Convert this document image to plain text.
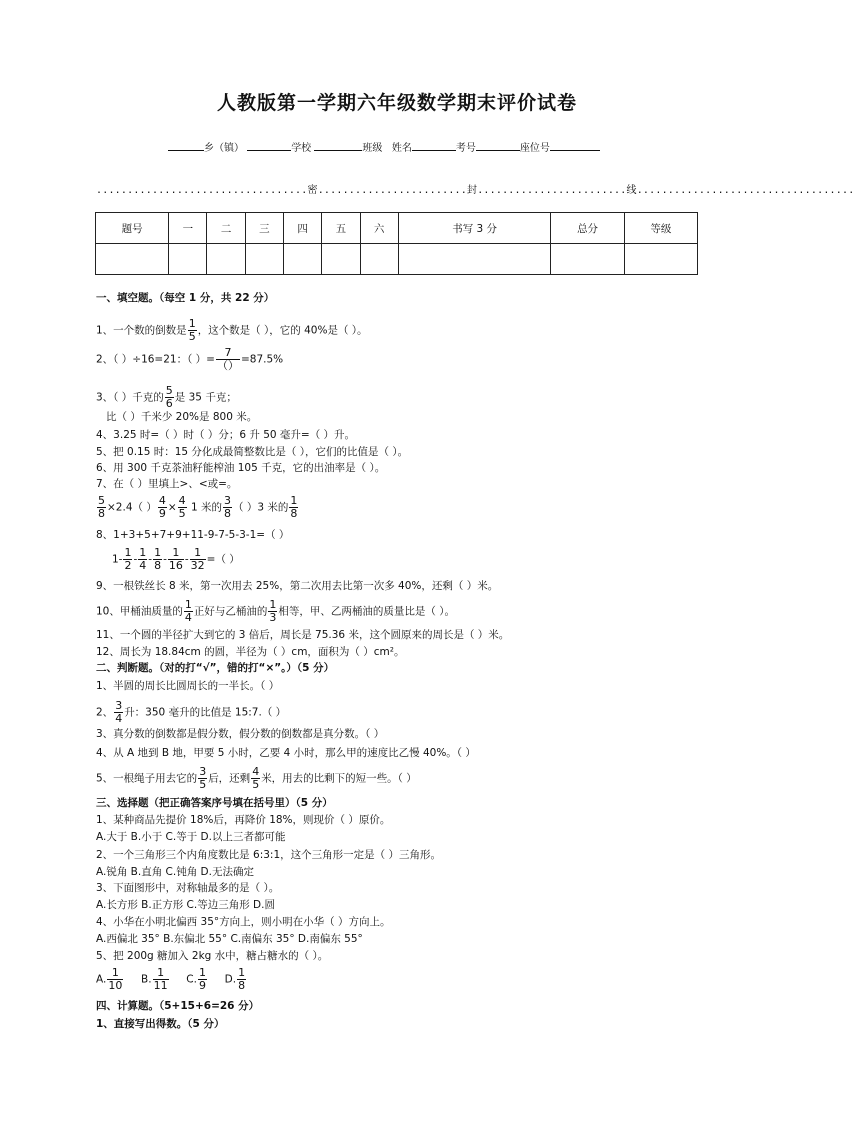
人教版第一学期六年级数学期末评价试卷
乡（镇）	学校	班级 姓名	考号	座位号
..................................密........................封........................线...................................
题号	一	二	三	四	五	六	书写 3 分	总分	等级

一、填空题。（每空 1 分，共 22 分）
1、一个数的倒数是 $\frac{1}{5}$ ，这个数是（ ），它的 40%是（ ）。
2、（ ）÷16=21：（ ）= $\frac{7}{()} =87.5\%$
3、（ ）千克的 $\frac{5}{6}$ 是 35 千克；
比（ ）千米少 20%是 800 米。
4、3.25 时=（ ）时（ ）分；6 升 50 毫升=（ ）升。
5、把 0.15 时：15 分化成最简整数比是（ ），它们的比值是（ ）。
6、用 300 千克茶油籽能榨油 105 千克，它的出油率是（ ）。
7、在（ ）里填上>、<或=。
$\frac{5}{8} \times 2.4$（ ） $\frac{4}{9} \times \frac{4}{5} 1$ 米的 $\frac{3}{8}$ （ ）3 米的 $\frac{1}{8}$
8、1+3+5+7+9+11-9-7-5-3-1=（ ）
$1- \frac{1}{2} - \frac{1}{4} - \frac{1}{8} - \frac{1}{16} - \frac{1}{32}$ =（ ）
9、一根铁丝长 8 米，第一次用去 25%，第二次用去比第一次多 40%，还剩（ ）米。
10、甲桶油质量的 $\frac{1}{4}$ 正好与乙桶油的 $\frac{1}{3}$ 相等，甲、乙两桶油的质量比是（ ）。
11、一个圆的半径扩大到它的 3 倍后，周长是 75.36 米，这个圆原来的周长是（ ）米。
12、周长为 18.84cm 的圆，半径为（ ）cm，面积为（ ）cm²。
二、判断题。（对的打“√”，错的打“×”。）（5 分）
1、半圆的周长比圆周长的一半长。（ ）
2、 $\frac{3}{4}$ 升：350 毫升的比值是 15:7.（ ）
3、真分数的倒数都是假分数，假分数的倒数都是真分数。（ ）
4、从 A 地到 B 地，甲要 5 小时，乙要 4 小时，那么甲的速度比乙慢 40%。（ ）
5、一根绳子用去它的 $\frac{3}{5}$ 后，还剩 $\frac{4}{5}$ 米，用去的比剩下的短一些。（ ）
三、选择题（把正确答案序号填在括号里）（5 分）
1、某种商品先提价 18%后，再降价 18%，则现价（ ）原价。
A.大于 B.小于 C.等于 D.以上三者都可能
2、一个三角形三个内角度数比是 6:3:1，这个三角形一定是（ ）三角形。
A.锐角 B.直角 C.钝角 D.无法确定
3、下面图形中，对称轴最多的是（ ）。
A.长方形 B.正方形 C.等边三角形 D.圆
4、小华在小明北偏西 35°方向上，则小明在小华（ ）方向上。
A.西偏北 35° B.东偏北 55° C.南偏东 35° D.南偏东 55°
5、把 200g 糖加入 2kg 水中，糖占糖水的（ ）。
A. $\frac{1}{10} B$. $\frac{1}{11} C$. $\frac{1}{9} D$. $\frac{1}{8}$
四、计算题。（5+15+6=26 分）
1、直接写出得数。（5 分）
